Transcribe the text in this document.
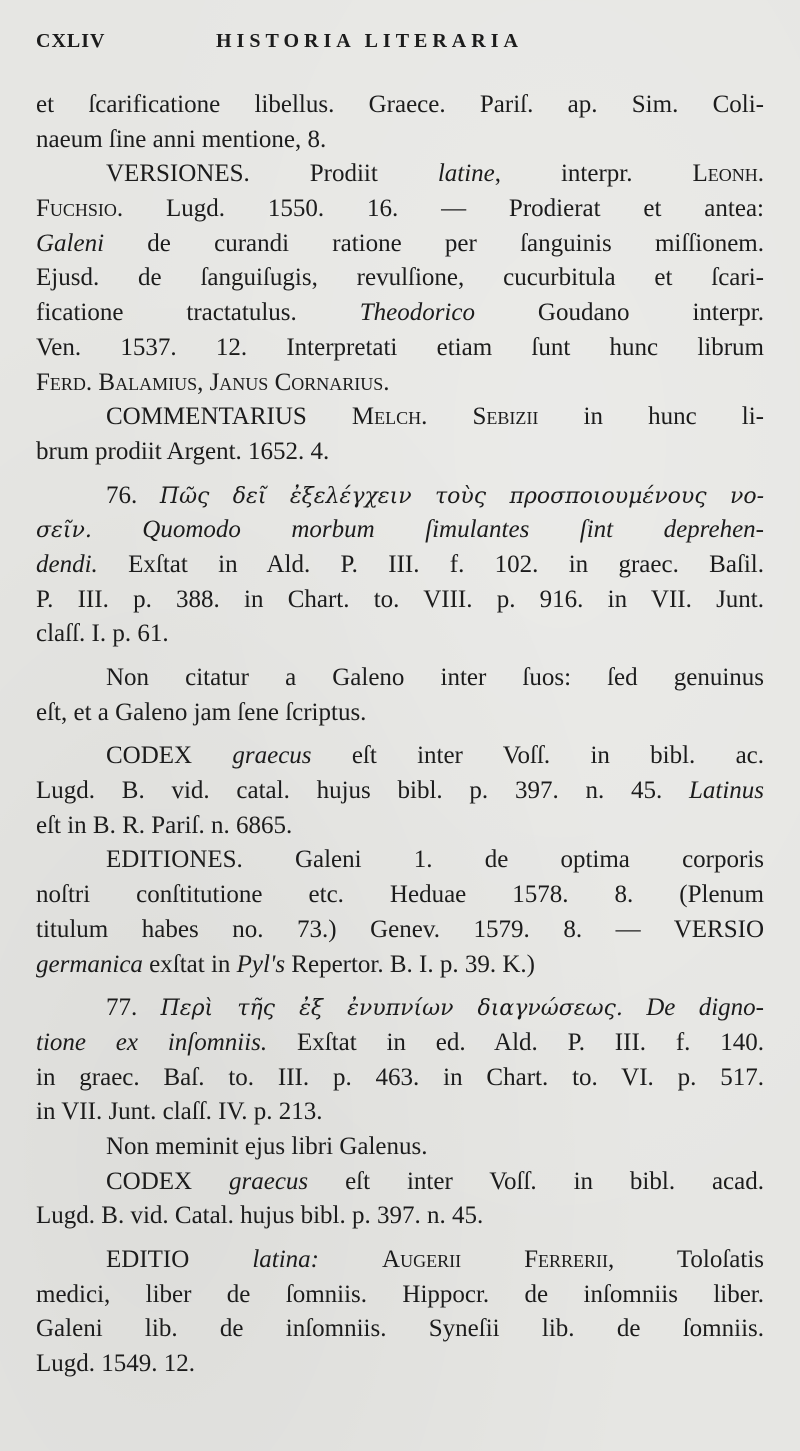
CXLIV	HISTORIA LITERARIA
et ſcarificatione libellus. Graece. Pariſ. ap. Sim. Coli-
naeum ſine anni mentione, 8.
VERSIONES. Prodiit latine, interpr. Leonh.
Fuchsio. Lugd. 1550. 16. — Prodierat et antea:
Galeni de curandi ratione per ſanguinis miſſionem.
Ejusd. de ſanguiſugis, revulſione, cucurbitula et ſcari-
ficatione tractatulus. Theodorico Goudano interpr.
Ven. 1537. 12. Interpretati etiam ſunt hunc librum
Ferd. Balamius, Janus Cornarius.
COMMENTARIUS Melch. Sebizii in hunc li-
brum prodiit Argent. 1652. 4.
76. Πῶς δεῖ ἐξελέγχειν τοὺς προσποιουμένους νο-
σεῖν. Quomodo morbum ſimulantes ſint deprehen-
dendi. Exſtat in Ald. P. III. f. 102. in graec. Baſil.
P. III. p. 388. in Chart. to. VIII. p. 916. in VII. Junt.
claſſ. I. p. 61.
Non citatur a Galeno inter ſuos: ſed genuinus
eſt, et a Galeno jam ſene ſcriptus.
CODEX graecus eſt inter Voſſ. in bibl. ac.
Lugd. B. vid. catal. hujus bibl. p. 397. n. 45. Latinus
eſt in B. R. Pariſ. n. 6865.
EDITIONES. Galeni 1. de optima corporis
noſtri conſtitutione etc. Heduae 1578. 8. (Plenum
titulum habes no. 73.) Genev. 1579. 8. — VERSIO
germanica exſtat in Pyl's Repertor. B. I. p. 39. K.)
77. Περὶ τῆς ἐξ ἐνυπνίων διαγνώσεως. De digno-
tione ex inſomniis. Exſtat in ed. Ald. P. III. f. 140.
in graec. Baſ. to. III. p. 463. in Chart. to. VI. p. 517.
in VII. Junt. claſſ. IV. p. 213.
Non meminit ejus libri Galenus.
CODEX graecus eſt inter Voſſ. in bibl. acad.
Lugd. B. vid. Catal. hujus bibl. p. 397. n. 45.
EDITIO latina:	Augerii Ferrerii, Toloſatis
medici, liber de ſomniis. Hippocr. de inſomniis liber.
Galeni lib. de inſomniis. Syneſii lib. de ſomniis.
Lugd. 1549. 12.
